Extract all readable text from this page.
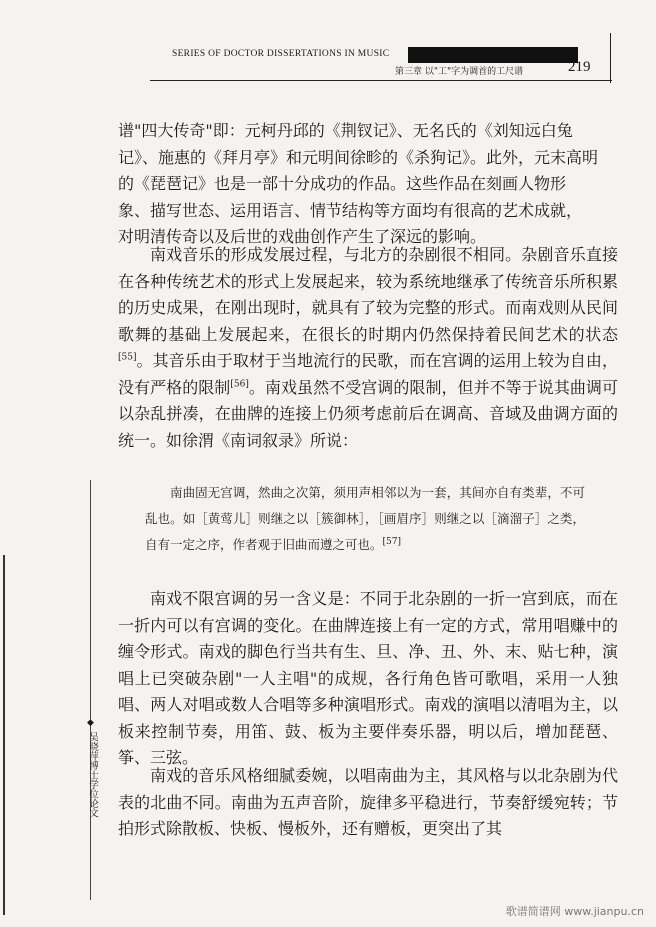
SERIES OF DOCTOR DISSERTATIONS IN MUSIC
第三章 以"工"字为调首的工尺谱	219

谱"四大传奇"即：元柯丹邱的《荆钗记》、无名氏的《刘知远白兔

记》、施惠的《拜月亭》和元明间徐畛的《杀狗记》。此外，元末高明

的《琵琶记》也是一部十分成功的作品。这些作品在刻画人物形

象、描写世态、运用语言、情节结构等方面均有很高的艺术成就，

对明清传奇以及后世的戏曲创作产生了深远的影响。

南戏音乐的形成发展过程，与北方的杂剧很不相同。杂剧音乐直接在各种传统艺术的形式上发展起来，较为系统地继承了传统音乐所积累的历史成果，在刚出现时，就具有了较为完整的形式。而南戏则从民间歌舞的基础上发展起来，在很长的时期内仍然保持着民间艺术的状态[55]。其音乐由于取材于当地流行的民歌，而在宫调的运用上较为自由，没有严格的限制[56]。南戏虽然不受宫调的限制，但并不等于说其曲调可以杂乱拼凑，在曲牌的连接上仍须考虑前后在调高、音域及曲调方面的统一。如徐渭《南词叙录》所说：

南曲固无宫调，然曲之次第，须用声相邻以为一套，其间亦自有类辈，不可乱也。如［黄莺儿］则继之以［簇御林］，［画眉序］则继之以［滴溜子］之类，自有一定之序，作者观于旧曲而遵之可也。[57]

南戏不限宫调的另一含义是：不同于北杂剧的一折一宫到底，而在一折内可以有宫调的变化。在曲牌连接上有一定的方式，常用唱赚中的缠令形式。南戏的脚色行当共有生、旦、净、丑、外、末、贴七种，演唱上已突破杂剧"一人主唱"的成规，各行角色皆可歌唱，采用一人独唱、两人对唱或数人合唱等多种演唱形式。南戏的演唱以清唱为主，以板来控制节奏，用笛、鼓、板为主要伴奏乐器，明以后，增加琵琶、筝、三弦。

南戏的音乐风格细腻委婉，以唱南曲为主，其风格与以北杂剧为代表的北曲不同。南曲为五声音阶，旋律多平稳进行，节奏舒缓宛转；节拍形式除散板、快板、慢板外，还有赠板，更突出了其

◆
吴晓萍博士学位论文
歌谱简谱网 www.jianpu.cn
